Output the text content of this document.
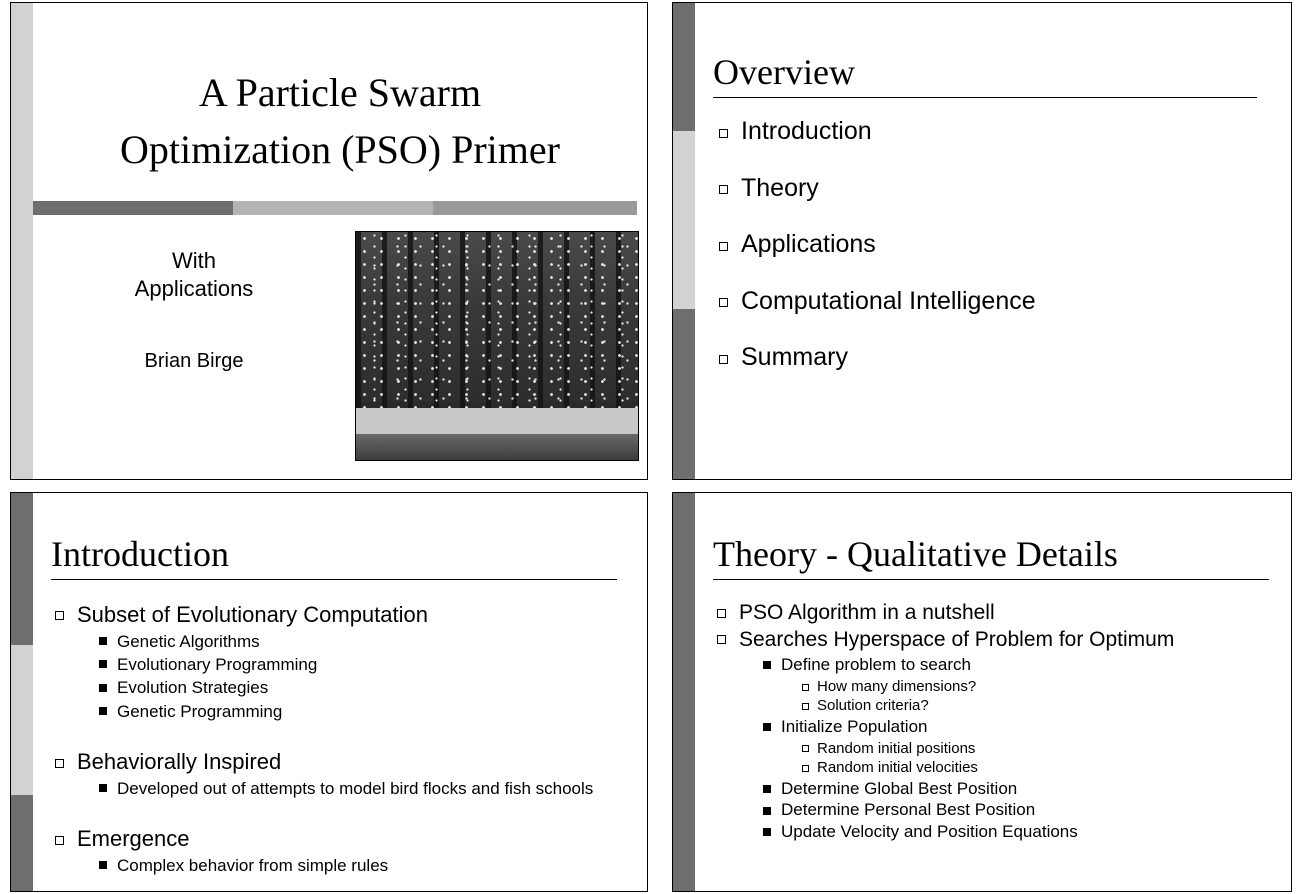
A Particle Swarm
Optimization (PSO) Primer
With
Applications
Brian Birge
Overview
Introduction
Theory
Applications
Computational Intelligence
Summary
Introduction
Subset of Evolutionary Computation
Genetic Algorithms
Evolutionary Programming
Evolution Strategies
Genetic Programming
Behaviorally Inspired
Developed out of attempts to model bird flocks and fish schools
Emergence
Complex behavior from simple rules
Theory - Qualitative Details
PSO Algorithm in a nutshell
Searches Hyperspace of Problem for Optimum
Define problem to search
How many dimensions?
Solution criteria?
Initialize Population
Random initial positions
Random initial velocities
Determine Global Best Position
Determine Personal Best Position
Update Velocity and Position Equations
